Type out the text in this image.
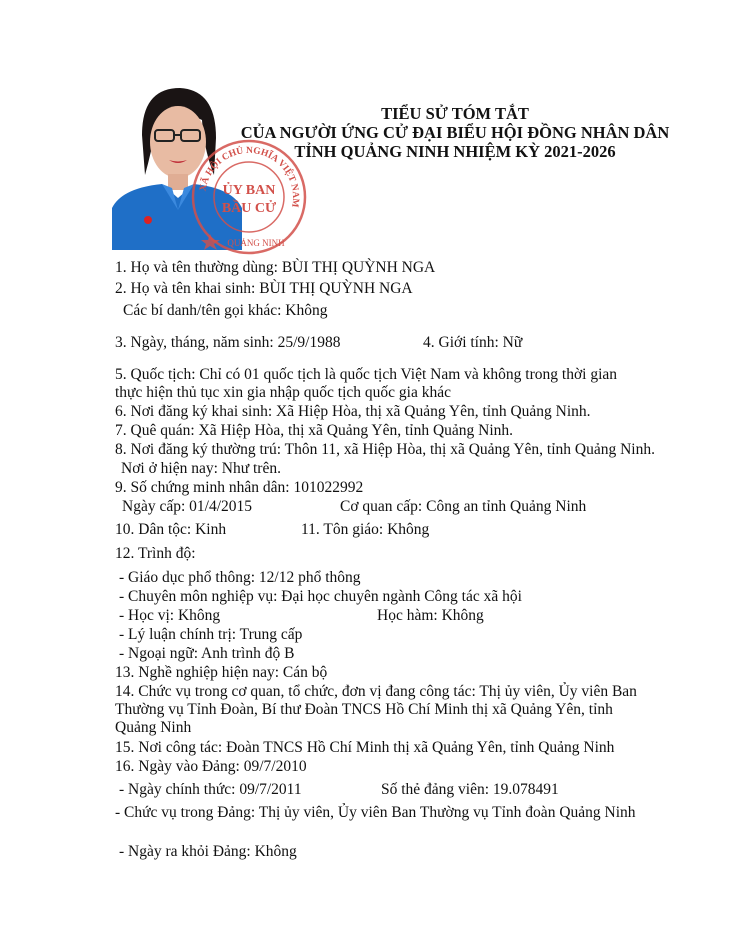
XÃ HỘI CHỦ NGHĨA VIỆT NAM
ỦY BAN
BẦU CỬ
QUẢNG NINH
TIỂU SỬ TÓM TẮT
CỦA NGƯỜI ỨNG CỬ ĐẠI BIỂU HỘI ĐỒNG NHÂN DÂN
TỈNH QUẢNG NINH NHIỆM KỲ 2021-2026
1. Họ và tên thường dùng: BÙI THỊ QUỲNH NGA
2. Họ và tên khai sinh: BÙI THỊ QUỲNH NGA
Các bí danh/tên gọi khác: Không
3. Ngày, tháng, năm sinh: 25/9/1988	4. Giới tính: Nữ
5. Quốc tịch: Chỉ có 01 quốc tịch là quốc tịch Việt Nam và không trong thời gian thực hiện thủ tục xin gia nhập quốc tịch quốc gia khác
6. Nơi đăng ký khai sinh: Xã Hiệp Hòa, thị xã Quảng Yên, tỉnh Quảng Ninh.
7. Quê quán: Xã Hiệp Hòa, thị xã Quảng Yên, tỉnh Quảng Ninh.
8. Nơi đăng ký thường trú: Thôn 11, xã Hiệp Hòa, thị xã Quảng Yên, tỉnh Quảng Ninh.
Nơi ở hiện nay: Như trên.
9. Số chứng minh nhân dân: 101022992
Ngày cấp: 01/4/2015	Cơ quan cấp: Công an tỉnh Quảng Ninh
10. Dân tộc: Kinh	11. Tôn giáo: Không
12. Trình độ:
- Giáo dục phổ thông: 12/12 phổ thông
- Chuyên môn nghiệp vụ: Đại học chuyên ngành Công tác xã hội
- Học vị: Không	Học hàm: Không
- Lý luận chính trị: Trung cấp
- Ngoại ngữ: Anh trình độ B
13. Nghề nghiệp hiện nay: Cán bộ
14. Chức vụ trong cơ quan, tổ chức, đơn vị đang công tác: Thị ủy viên, Ủy viên Ban Thường vụ Tỉnh Đoàn, Bí thư Đoàn TNCS Hồ Chí Minh thị xã Quảng Yên, tỉnh Quảng Ninh
15. Nơi công tác: Đoàn TNCS Hồ Chí Minh thị xã Quảng Yên, tỉnh Quảng Ninh
16. Ngày vào Đảng: 09/7/2010
- Ngày chính thức: 09/7/2011	Số thẻ đảng viên: 19.078491
- Chức vụ trong Đảng: Thị ủy viên, Ủy viên Ban Thường vụ Tỉnh đoàn Quảng Ninh
- Ngày ra khỏi Đảng: Không
